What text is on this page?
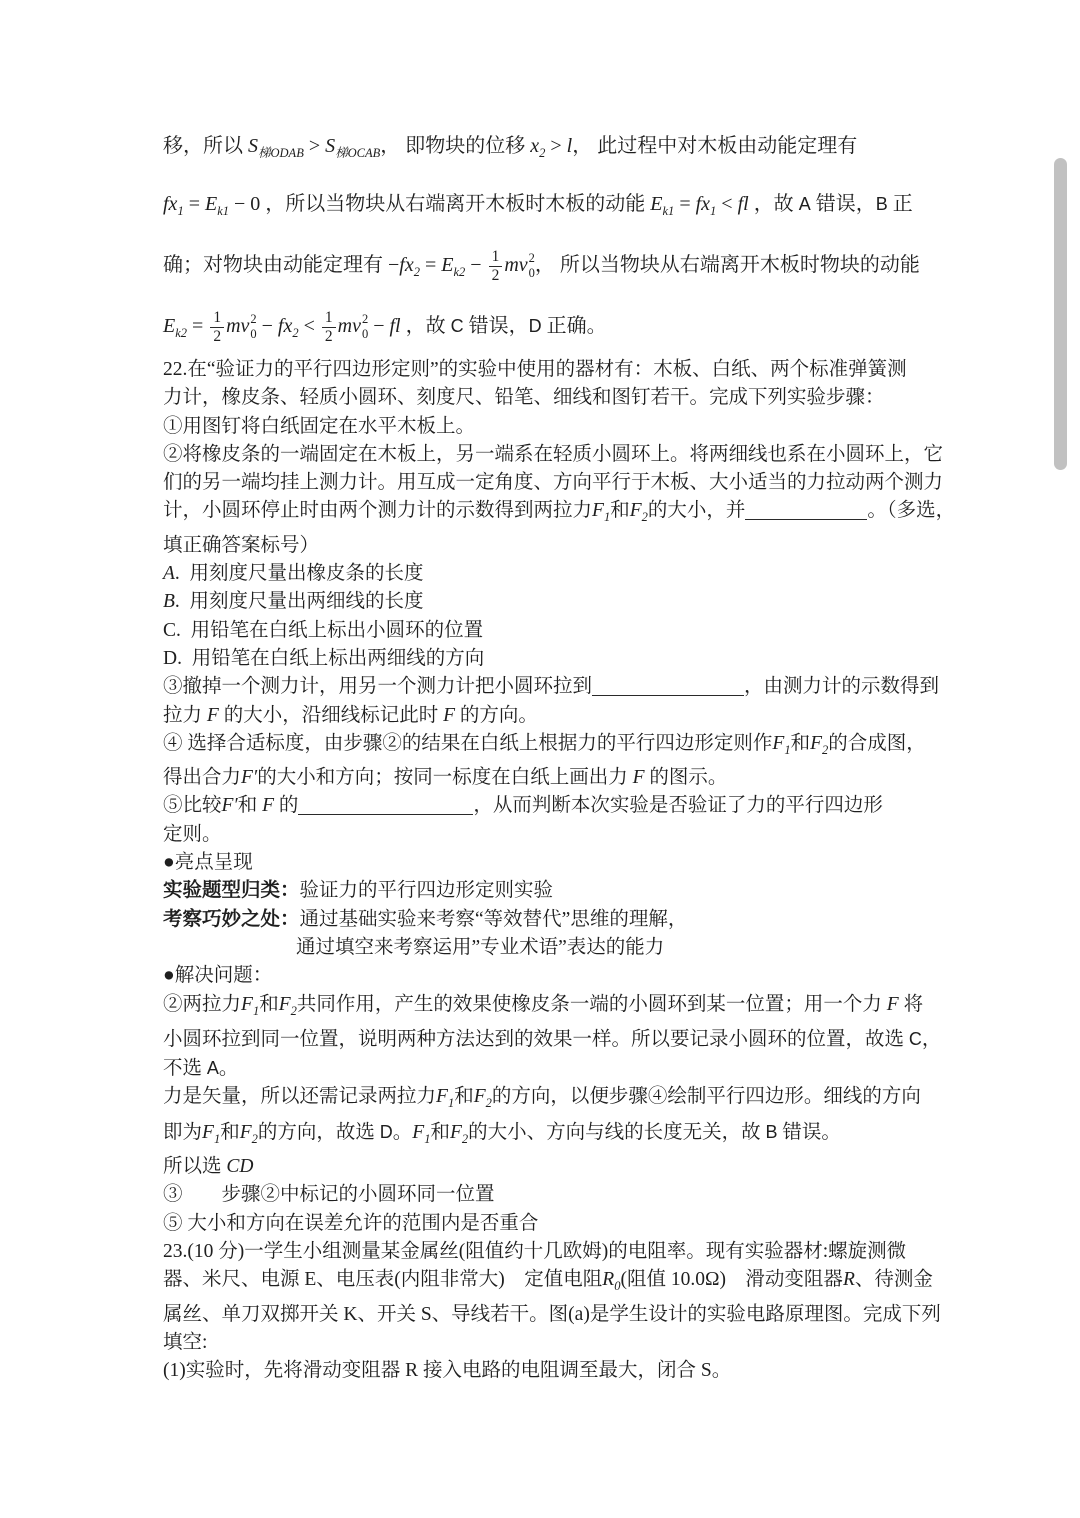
移，所以 $S_{梯ODAB} > S_{梯OCAB}$， 即物块的位移 $x_2 > l$， 此过程中对木板由动能定理有
$fx_1 = E_{k1} - 0$ ，所以当物块从右端离开木板时木板的动能 $E_{k1} = fx_1$ < fl ，故 A 错误，B 正
确；对物块由动能定理有 $-fx_2 = E_{k2} - \frac{1}{2}$ mv 2
0 ， 所以当物块从右端离开木板时物块的动能
$E_{k2} = \frac{1}{2}$ mv 2
$0 - fx_2 < \frac{1}{2}$ mv 2
0 − fl ，故 C 错误，D 正确。
22.在“验证力的平行四边形定则”的实验中使用的器材有：木板、白纸、两个标准弹簧测
力计，橡皮条、轻质小圆环、刻度尺、铅笔、细线和图钉若干。完成下列实验步骤：
①用图钉将白纸固定在水平木板上。
②将橡皮条的一端固定在木板上，另一端系在轻质小圆环上。将两细线也系在小圆环上，它
们的另一端均挂上测力计。用互成一定角度、方向平行于木板、大小适当的力拉动两个测力
计，小圆环停止时由两个测力计的示数得到两拉力$F_1$和$F_2$的大小，并	。（多选，
填正确答案标号）
A.  用刻度尺量出橡皮条的长度
B.  用刻度尺量出两细线的长度
C.  用铅笔在白纸上标出小圆环的位置
D.  用铅笔在白纸上标出两细线的方向
③撤掉一个测力计，用另一个测力计把小圆环拉到	，由测力计的示数得到
拉力 F 的大小，沿细线标记此时 F 的方向。
④ 选择合适标度，由步骤②的结果在白纸上根据力的平行四边形定则作$F_1$和$F_2$的合成图，
得出合力F′的大小和方向；按同一标度在白纸上画出力 F 的图示。
⑤比较F′和 F 的	，从而判断本次实验是否验证了力的平行四边形
定则。
●亮点呈现
实验题型归类：验证力的平行四边形定则实验
考察巧妙之处：通过基础实验来考察“等效替代”思维的理解，
通过填空来考察运用”专业术语”表达的能力
●解决问题：
②两拉力$F_1$和$F_2$共同作用，产生的效果使橡皮条一端的小圆环到某一位置；用一个力 F 将
小圆环拉到同一位置，说明两种方法达到的效果一样。所以要记录小圆环的位置，故选 C，
不选 A。
力是矢量，所以还需记录两拉力$F_1$和$F_2$的方向，以便步骤④绘制平行四边形。细线的方向
即为$F_1$和$F_2$的方向，故选 D。$F_1$和$F_2$的大小、方向与线的长度无关，故 B 错误。
所以选 CD
③　　步骤②中标记的小圆环同一位置
⑤ 大小和方向在误差允许的范围内是否重合
23.(10 分)一学生小组测量某金属丝(阻值约十几欧姆)的电阻率。现有实验器材:螺旋测微
器、米尺、电源 E、电压表(内阻非常大)　定值电阻$R_0$(阻值 10.0Ω)　滑动变阻器R、待测金
属丝、单刀双掷开关 K、开关 S、导线若干。图(a)是学生设计的实验电路原理图。完成下列
填空:
(1)实验时，先将滑动变阻器 R 接入电路的电阻调至最大，闭合 S。
